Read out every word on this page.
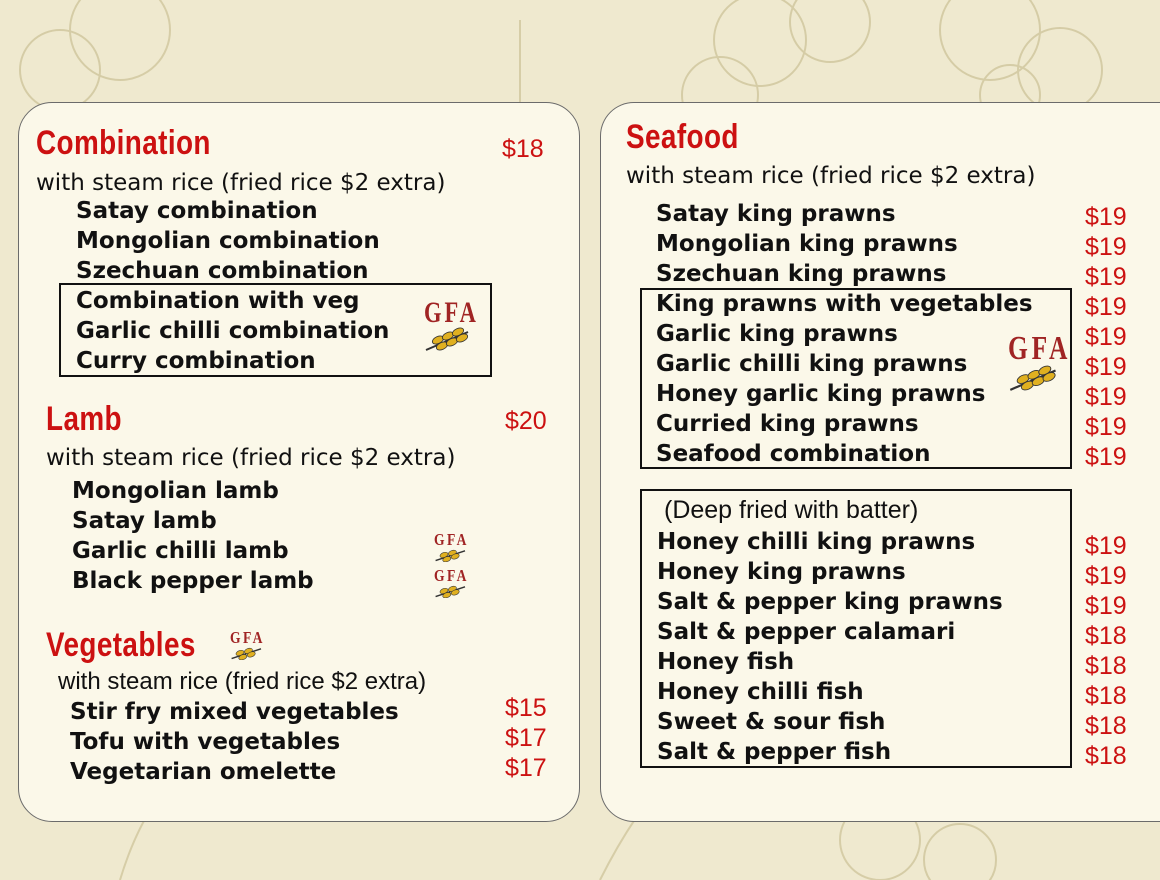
Combination	$18
with steam rice (fried rice $2 extra)
Satay combination
Mongolian combination
Szechuan combination
Combination with veg
Garlic chilli combination
Curry combination
GFA
Lamb	$20
with steam rice (fried rice $2 extra)
Mongolian lamb
Satay lamb
Garlic chilli lamb
Black pepper lamb
GFA
GFA
Vegetables GFA
with steam rice (fried rice $2 extra)
Stir fry mixed vegetables
Tofu with vegetables
Vegetarian omelette
$15
$17
$17
Seafood
with steam rice (fried rice $2 extra)
Satay king prawns
Mongolian king prawns
Szechuan king prawns
King prawns with vegetables
Garlic king prawns
Garlic chilli king prawns
Honey garlic king prawns
Curried king prawns
Seafood combination
$19
$19
$19
$19
$19
$19
$19
$19
$19
GFA
(Deep fried with batter)
Honey chilli king prawns
Honey king prawns
Salt & pepper king prawns
Salt & pepper calamari
Honey fish
Honey chilli fish
Sweet & sour fish
Salt & pepper fish
$19
$19
$19
$18
$18
$18
$18
$18
